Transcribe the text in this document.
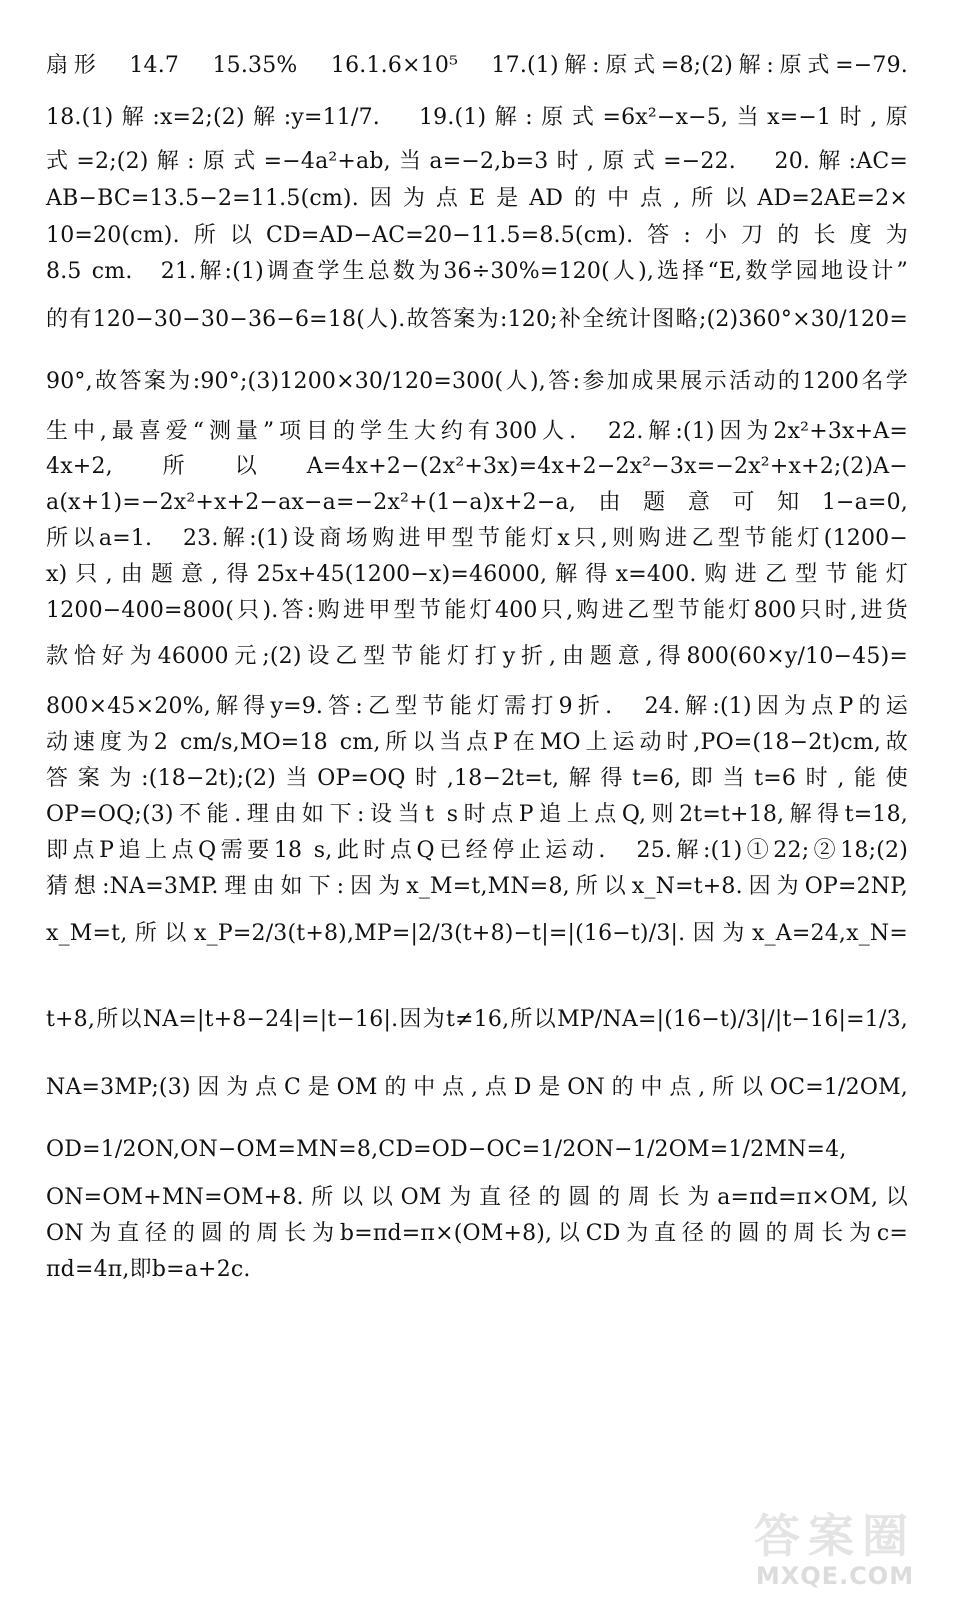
扇形　14.7　15.35%　16.1.6×10⁵　17.(1)解:原式=8;(2)解:原式=−79.
18.(1)解:x=2;(2)解:y=11/7.　19.(1)解:原式=6x²−x−5,当x=−1时,原
式=2;(2)解:原式=−4a²+ab,当a=−2,b=3时,原式=−22.　20.解:AC=
AB−BC=13.5−2=11.5(cm).因为点E是AD的中点,所以AD=2AE=2×
10=20(cm).所以CD=AD−AC=20−11.5=8.5(cm).答:小刀的长度为
8.5 cm.　21.解:(1)调查学生总数为36÷30%=120(人),选择“E,数学园地设计”
的有120−30−30−36−6=18(人).故答案为:120;补全统计图略;(2)360°×30/120=
90°,故答案为:90°;(3)1200×30/120=300(人),答:参加成果展示活动的1200名学
生中,最喜爱“测量”项目的学生大约有300人.　22.解:(1)因为2x²+3x+A=
4x+2,所以A=4x+2−(2x²+3x)=4x+2−2x²−3x=−2x²+x+2;(2)A−
a(x+1)=−2x²+x+2−ax−a=−2x²+(1−a)x+2−a,由题意可知1−a=0,
所以a=1.　23.解:(1)设商场购进甲型节能灯x只,则购进乙型节能灯(1200−
x)只,由题意,得25x+45(1200−x)=46000,解得x=400.购进乙型节能灯
1200−400=800(只).答:购进甲型节能灯400只,购进乙型节能灯800只时,进货
款恰好为46000元;(2)设乙型节能灯打y折,由题意,得800(60×y/10−45)=
800×45×20%,解得y=9.答:乙型节能灯需打9折.　24.解:(1)因为点P的运
动速度为2 cm/s,MO=18 cm,所以当点P在MO上运动时,PO=(18−2t)cm,故
答案为:(18−2t);(2)当OP=OQ时,18−2t=t,解得t=6,即当t=6时,能使
OP=OQ;(3)不能.理由如下:设当t s时点P追上点Q,则2t=t+18,解得t=18,
即点P追上点Q需要18 s,此时点Q已经停止运动.　25.解:(1)①22;②18;(2)
猜想:NA=3MP.理由如下:因为x_M=t,MN=8,所以x_N=t+8.因为OP=2NP,
x_M=t,所以x_P=2/3(t+8),MP=|2/3(t+8)−t|=|(16−t)/3|.因为x_A=24,x_N=
t+8,所以NA=|t+8−24|=|t−16|.因为t≠16,所以MP/NA=|(16−t)/3|/|t−16|=1/3,
NA=3MP;(3)因为点C是OM的中点,点D是ON的中点,所以OC=1/2OM,
OD=1/2ON,ON−OM=MN=8,CD=OD−OC=1/2ON−1/2OM=1/2MN=4,
ON=OM+MN=OM+8.所以以OM为直径的圆的周长为a=πd=π×OM,以
ON为直径的圆的周长为b=πd=π×(OM+8),以CD为直径的圆的周长为c=
πd=4π,即b=a+2c.
答案圈
MXQE.COM
